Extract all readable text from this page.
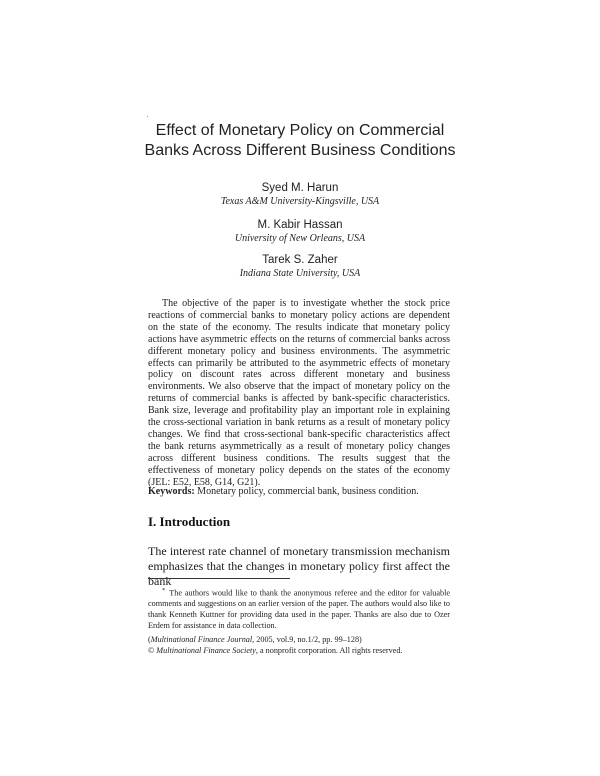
Effect of Monetary Policy on Commercial
Banks Across Different Business Conditions
Syed M. Harun
Texas A&M University-Kingsville, USA
M. Kabir Hassan
University of New Orleans, USA
Tarek S. Zaher
Indiana State University, USA

The objective of the paper is to investigate whether the stock price reactions of commercial banks to monetary policy actions are dependent on the state of the economy. The results indicate that monetary policy actions have asymmetric effects on the returns of commercial banks across different monetary policy and business environments. The asymmetric effects can primarily be attributed to the asymmetric effects of monetary policy on discount rates across different monetary and business environments. We also observe that the impact of monetary policy on the returns of commercial banks is affected by bank-specific characteristics. Bank size, leverage and profitability play an important role in explaining the cross-sectional variation in bank returns as a result of monetary policy changes. We find that cross-sectional bank-specific characteristics affect the bank returns asymmetrically as a result of monetary policy changes across different business conditions. The results suggest that the effectiveness of monetary policy depends on the states of the economy (JEL: E52, E58, G14, G21).

Keywords: Monetary policy, commercial bank, business condition.

I. Introduction

The interest rate channel of monetary transmission mechanism emphasizes that the changes in monetary policy first affect the bank

* The authors would like to thank the anonymous referee and the editor for valuable comments and suggestions on an earlier version of the paper. The authors would also like to thank Kenneth Kuttner for providing data used in the paper. Thanks are also due to Ozer Erdem for assistance in data collection.

(Multinational Finance Journal, 2005, vol.9, no.1/2, pp. 99–128)
© Multinational Finance Society, a nonprofit corporation. All rights reserved.
